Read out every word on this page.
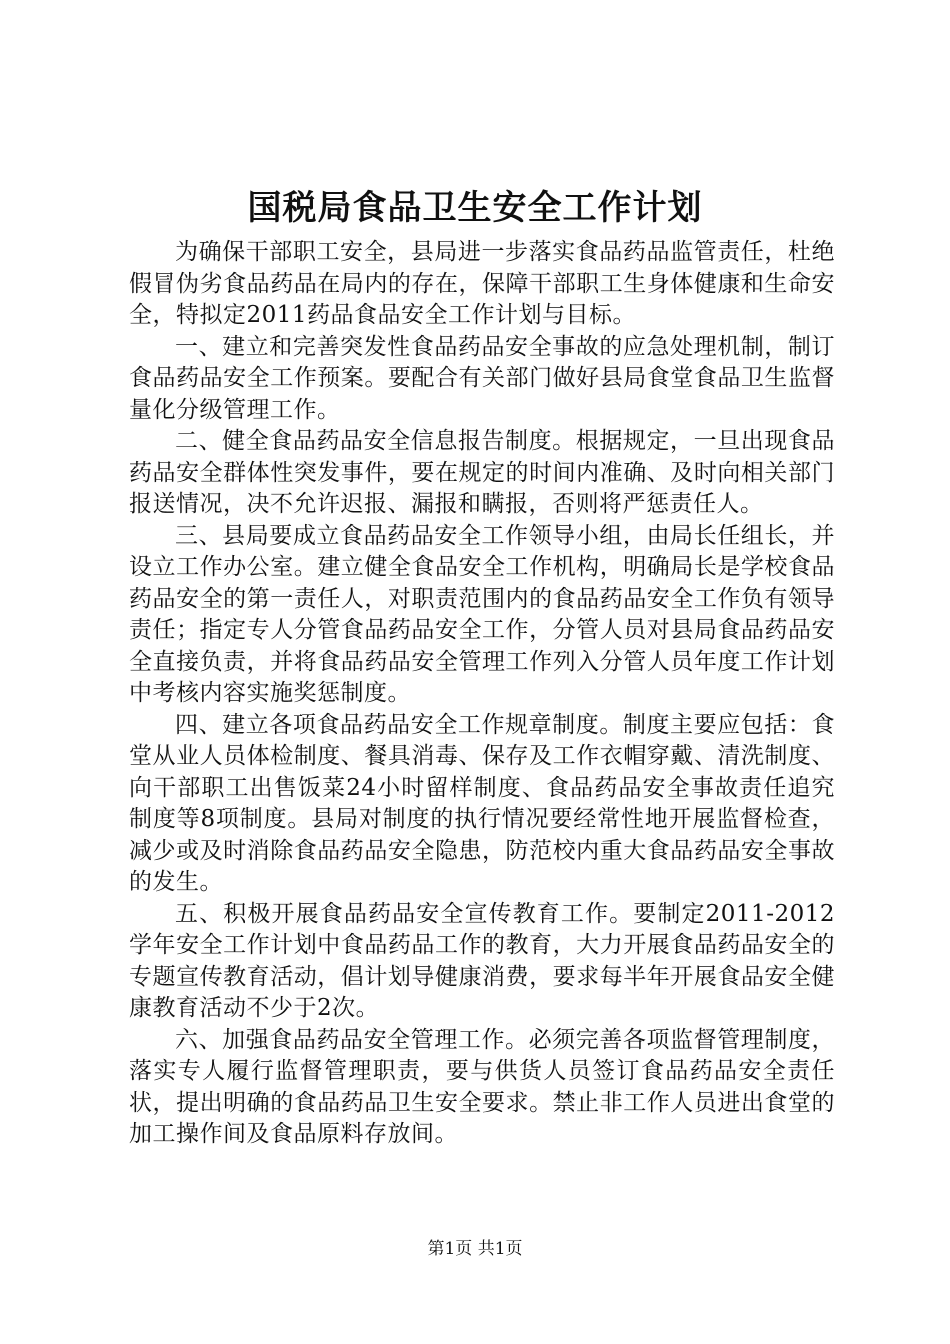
国税局食品卫生安全工作计划

为确保干部职工安全，县局进一步落实食品药品监管责任，杜绝假冒伪劣食品药品在局内的存在，保障干部职工生身体健康和生命安全，特拟定2011药品食品安全工作计划与目标。

一、建立和完善突发性食品药品安全事故的应急处理机制，制订食品药品安全工作预案。要配合有关部门做好县局食堂食品卫生监督量化分级管理工作。

二、健全食品药品安全信息报告制度。根据规定，一旦出现食品药品安全群体性突发事件，要在规定的时间内准确、及时向相关部门报送情况，决不允许迟报、漏报和瞒报，否则将严惩责任人。

三、县局要成立食品药品安全工作领导小组，由局长任组长，并设立工作办公室。建立健全食品安全工作机构，明确局长是学校食品药品安全的第一责任人，对职责范围内的食品药品安全工作负有领导责任；指定专人分管食品药品安全工作，分管人员对县局食品药品安全直接负责，并将食品药品安全管理工作列入分管人员年度工作计划中考核内容实施奖惩制度。

四、建立各项食品药品安全工作规章制度。制度主要应包括：食堂从业人员体检制度、餐具消毒、保存及工作衣帽穿戴、清洗制度、向干部职工出售饭菜24小时留样制度、食品药品安全事故责任追究制度等8项制度。县局对制度的执行情况要经常性地开展监督检查，减少或及时消除食品药品安全隐患，防范校内重大食品药品安全事故的发生。

五、积极开展食品药品安全宣传教育工作。要制定2011-2012学年安全工作计划中食品药品工作的教育，大力开展食品药品安全的专题宣传教育活动，倡计划导健康消费，要求每半年开展食品安全健康教育活动不少于2次。

六、加强食品药品安全管理工作。必须完善各项监督管理制度，落实专人履行监督管理职责，要与供货人员签订食品药品安全责任状，提出明确的食品药品卫生安全要求。禁止非工作人员进出食堂的加工操作间及食品原料存放间。

第1页 共1页
